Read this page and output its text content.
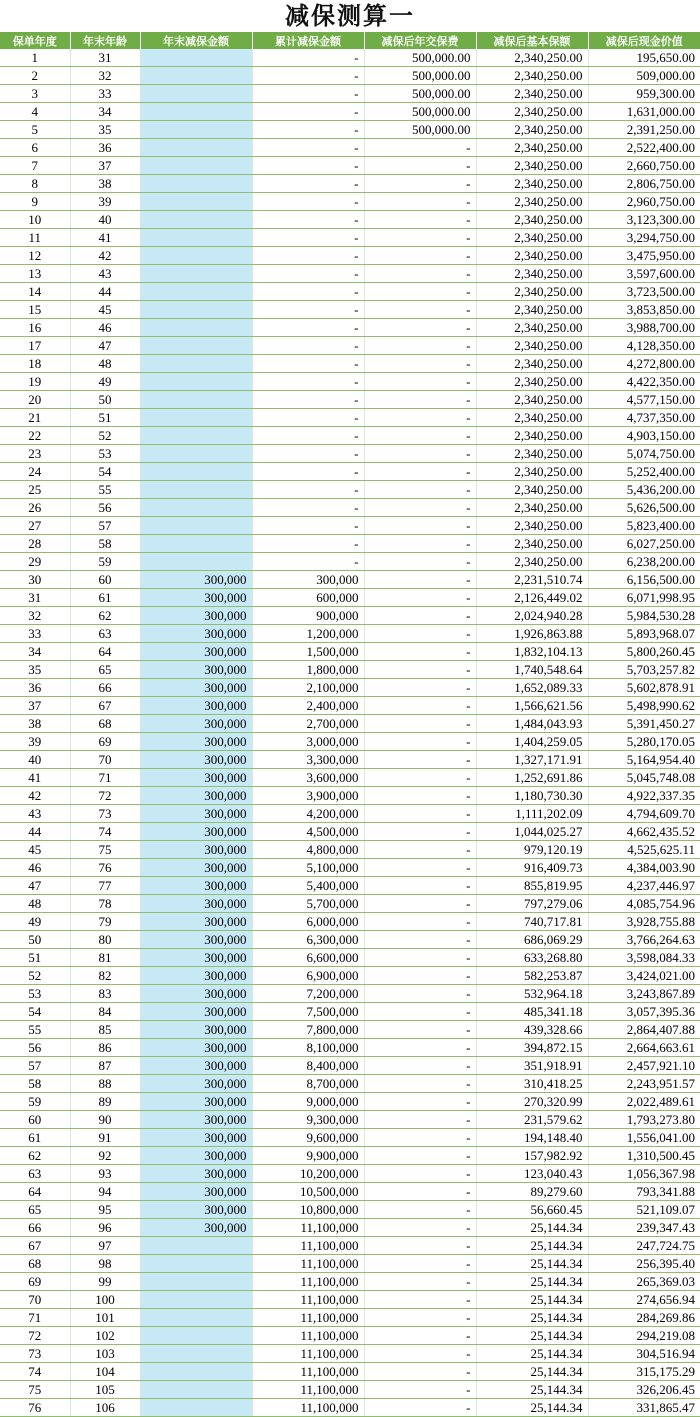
减保测算一
保单年度	年末年龄	年末减保金额	累计减保金额	减保后年交保费	减保后基本保额	减保后现金价值
1	31		-	500,000.00	2,340,250.00	195,650.00
2	32		-	500,000.00	2,340,250.00	509,000.00
3	33		-	500,000.00	2,340,250.00	959,300.00
4	34		-	500,000.00	2,340,250.00	1,631,000.00
5	35		-	500,000.00	2,340,250.00	2,391,250.00
6	36		-	-	2,340,250.00	2,522,400.00
7	37		-	-	2,340,250.00	2,660,750.00
8	38		-	-	2,340,250.00	2,806,750.00
9	39		-	-	2,340,250.00	2,960,750.00
10	40		-	-	2,340,250.00	3,123,300.00
11	41		-	-	2,340,250.00	3,294,750.00
12	42		-	-	2,340,250.00	3,475,950.00
13	43		-	-	2,340,250.00	3,597,600.00
14	44		-	-	2,340,250.00	3,723,500.00
15	45		-	-	2,340,250.00	3,853,850.00
16	46		-	-	2,340,250.00	3,988,700.00
17	47		-	-	2,340,250.00	4,128,350.00
18	48		-	-	2,340,250.00	4,272,800.00
19	49		-	-	2,340,250.00	4,422,350.00
20	50		-	-	2,340,250.00	4,577,150.00
21	51		-	-	2,340,250.00	4,737,350.00
22	52		-	-	2,340,250.00	4,903,150.00
23	53		-	-	2,340,250.00	5,074,750.00
24	54		-	-	2,340,250.00	5,252,400.00
25	55		-	-	2,340,250.00	5,436,200.00
26	56		-	-	2,340,250.00	5,626,500.00
27	57		-	-	2,340,250.00	5,823,400.00
28	58		-	-	2,340,250.00	6,027,250.00
29	59		-	-	2,340,250.00	6,238,200.00
30	60	300,000	300,000	-	2,231,510.74	6,156,500.00
31	61	300,000	600,000	-	2,126,449.02	6,071,998.95
32	62	300,000	900,000	-	2,024,940.28	5,984,530.28
33	63	300,000	1,200,000	-	1,926,863.88	5,893,968.07
34	64	300,000	1,500,000	-	1,832,104.13	5,800,260.45
35	65	300,000	1,800,000	-	1,740,548.64	5,703,257.82
36	66	300,000	2,100,000	-	1,652,089.33	5,602,878.91
37	67	300,000	2,400,000	-	1,566,621.56	5,498,990.62
38	68	300,000	2,700,000	-	1,484,043.93	5,391,450.27
39	69	300,000	3,000,000	-	1,404,259.05	5,280,170.05
40	70	300,000	3,300,000	-	1,327,171.91	5,164,954.40
41	71	300,000	3,600,000	-	1,252,691.86	5,045,748.08
42	72	300,000	3,900,000	-	1,180,730.30	4,922,337.35
43	73	300,000	4,200,000	-	1,111,202.09	4,794,609.70
44	74	300,000	4,500,000	-	1,044,025.27	4,662,435.52
45	75	300,000	4,800,000	-	979,120.19	4,525,625.11
46	76	300,000	5,100,000	-	916,409.73	4,384,003.90
47	77	300,000	5,400,000	-	855,819.95	4,237,446.97
48	78	300,000	5,700,000	-	797,279.06	4,085,754.96
49	79	300,000	6,000,000	-	740,717.81	3,928,755.88
50	80	300,000	6,300,000	-	686,069.29	3,766,264.63
51	81	300,000	6,600,000	-	633,268.80	3,598,084.33
52	82	300,000	6,900,000	-	582,253.87	3,424,021.00
53	83	300,000	7,200,000	-	532,964.18	3,243,867.89
54	84	300,000	7,500,000	-	485,341.18	3,057,395.36
55	85	300,000	7,800,000	-	439,328.66	2,864,407.88
56	86	300,000	8,100,000	-	394,872.15	2,664,663.61
57	87	300,000	8,400,000	-	351,918.91	2,457,921.10
58	88	300,000	8,700,000	-	310,418.25	2,243,951.57
59	89	300,000	9,000,000	-	270,320.99	2,022,489.61
60	90	300,000	9,300,000	-	231,579.62	1,793,273.80
61	91	300,000	9,600,000	-	194,148.40	1,556,041.00
62	92	300,000	9,900,000	-	157,982.92	1,310,500.45
63	93	300,000	10,200,000	-	123,040.43	1,056,367.98
64	94	300,000	10,500,000	-	89,279.60	793,341.88
65	95	300,000	10,800,000	-	56,660.45	521,109.07
66	96	300,000	11,100,000	-	25,144.34	239,347.43
67	97		11,100,000	-	25,144.34	247,724.75
68	98		11,100,000	-	25,144.34	256,395.40
69	99		11,100,000	-	25,144.34	265,369.03
70	100		11,100,000	-	25,144.34	274,656.94
71	101		11,100,000	-	25,144.34	284,269.86
72	102		11,100,000	-	25,144.34	294,219.08
73	103		11,100,000	-	25,144.34	304,516.94
74	104		11,100,000	-	25,144.34	315,175.29
75	105		11,100,000	-	25,144.34	326,206.45
76	106		11,100,000	-	25,144.34	331,865.47
